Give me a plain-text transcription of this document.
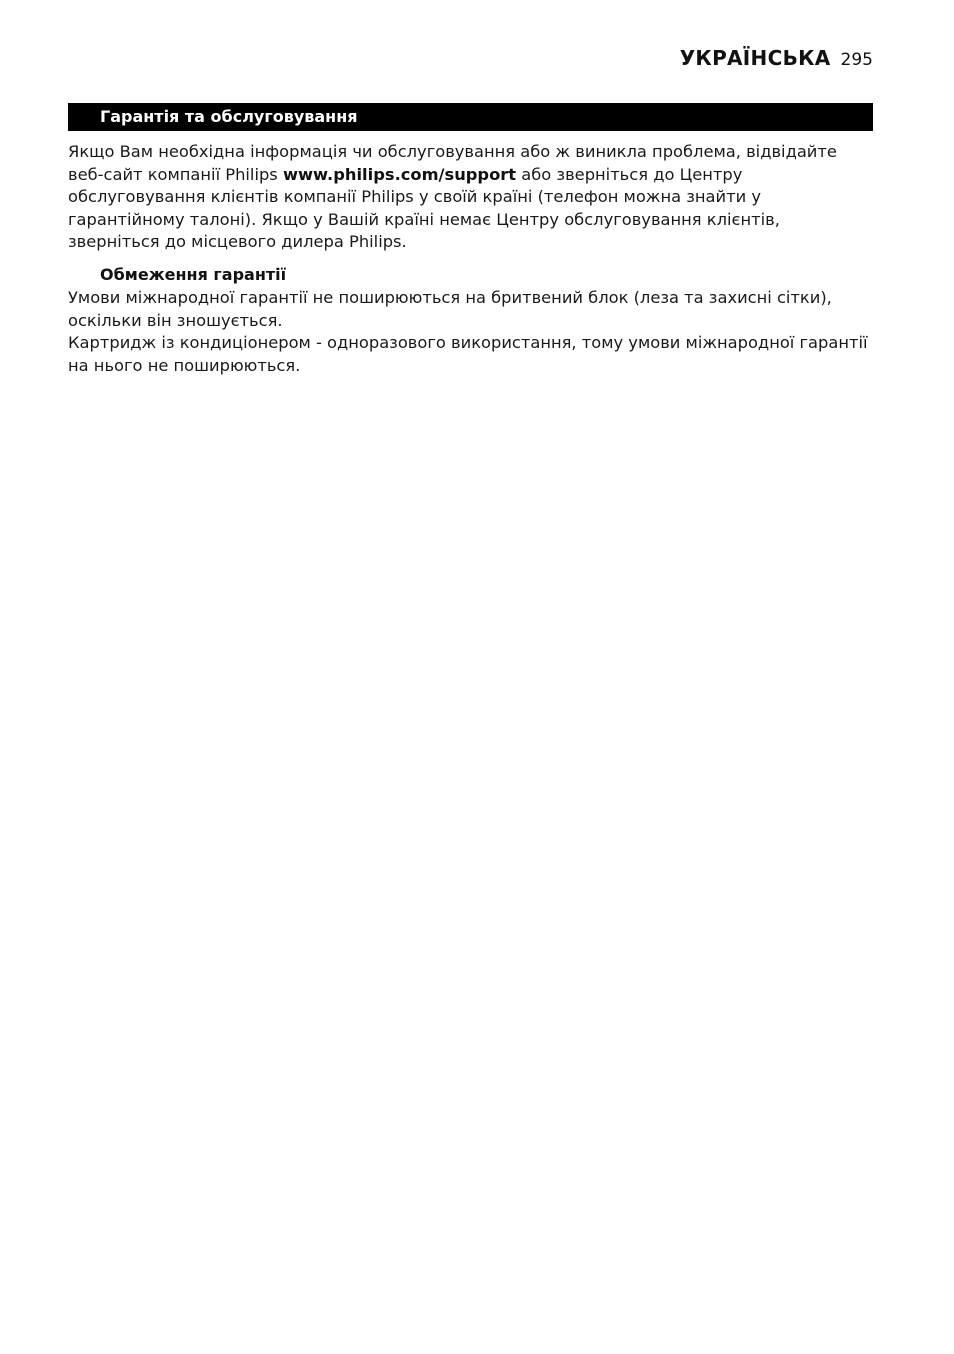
УКРАЇНСЬКА 295
Гарантія та обслуговування

Якщо Вам необхідна інформація чи обслуговування або ж виникла проблема, відвідайте веб-сайт компанії Philips www.philips.com/support або зверніться до Центру обслуговування клієнтів компанії Philips у своїй країні (телефон можна знайти у гарантійному талоні). Якщо у Вашій країні немає Центру обслуговування клієнтів, зверніться до місцевого дилера Philips.

Обмеження гарантії

Умови міжнародної гарантії не поширюються на бритвений блок (леза та захисні сітки), оскільки він зношується.

Картридж із кондиціонером - одноразового використання, тому умови міжнародної гарантії на нього не поширюються.
